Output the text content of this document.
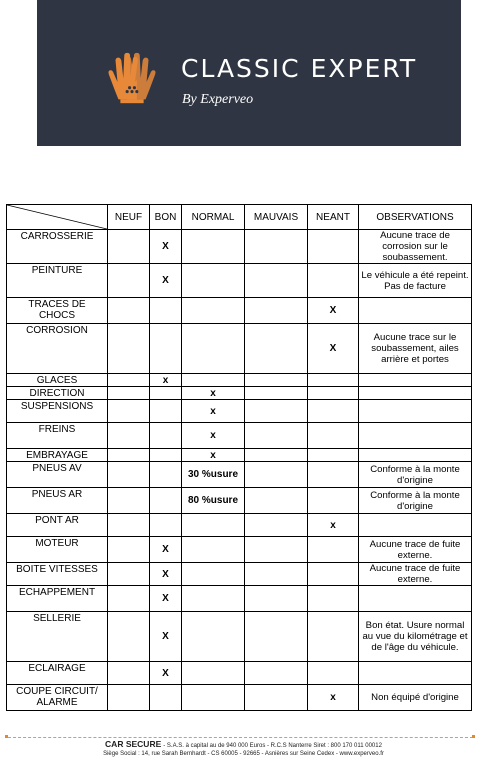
CLASSIC EXPERT
By Experveo
	NEUF	BON	NORMAL	MAUVAIS	NEANT	OBSERVATIONS
CARROSSERIE		X				Aucune trace de corrosion sur le soubassement.
PEINTURE		X				Le véhicule a été repeint. Pas de facture
TRACES DE CHOCS					X	
CORROSION					X	Aucune trace sur le soubassement, ailes arrière et portes
GLACES		x				
DIRECTION			x			
SUSPENSIONS			x			
FREINS			x			
EMBRAYAGE			x			
PNEUS AV			30 %usure			Conforme à la monte d'origine
PNEUS AR			80 %usure			Conforme à la monte d'origine
PONT AR					x	
MOTEUR		X				Aucune trace de fuite externe.
BOITE VITESSES		X				Aucune trace de fuite externe.
ECHAPPEMENT		X				
SELLERIE		X				Bon état. Usure normal au vue du kilométrage et de l'âge du véhicule.
ECLAIRAGE		X				
COUPE CIRCUIT/ ALARME					x	Non équipé d'origine
CAR SECURE - S.A.S. à capital au de 940 000 Euros - R.C.S Nanterre Siret : 800 170 011 00012
Siège Social : 14, rue Sarah Bernhardt - CS 60005 - 92665 - Asnières sur Seine Cedex - www.experveo.fr
